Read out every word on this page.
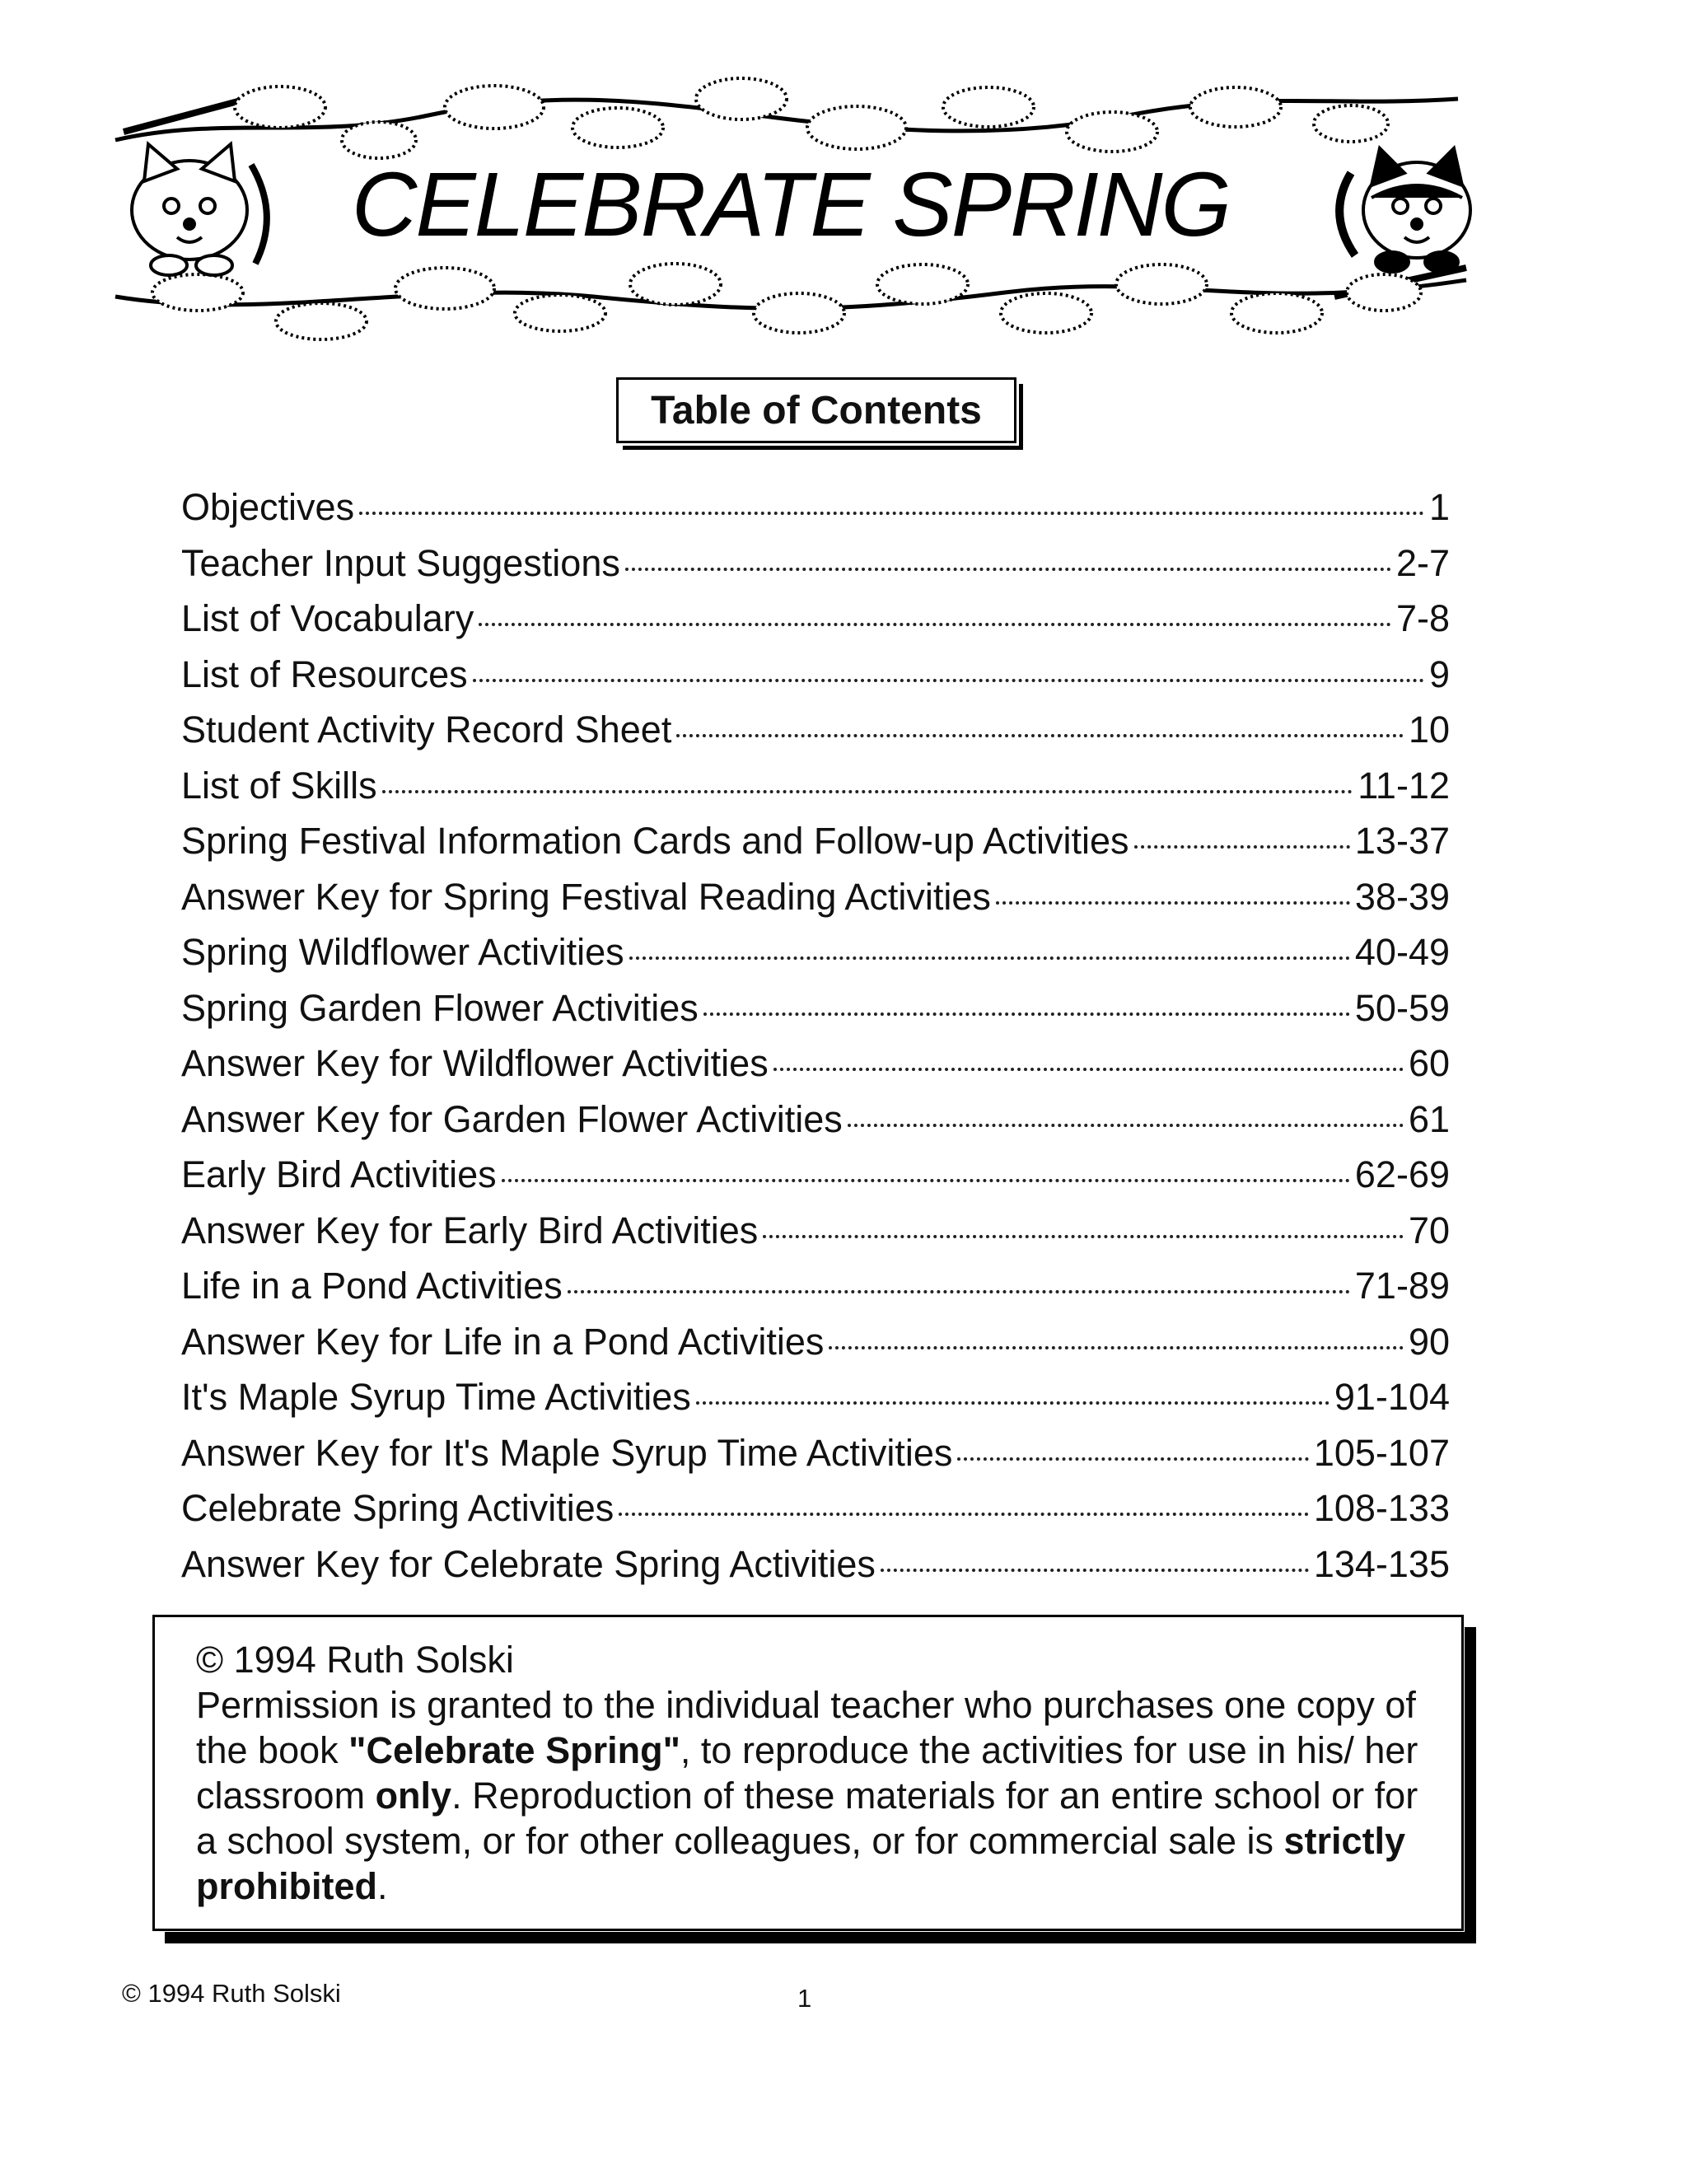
CELEBRATE SPRING
Table of Contents
Objectives	1
Teacher Input Suggestions	2-7
List of Vocabulary	7-8
List of Resources	9
Student Activity Record Sheet	10
List of Skills	11-12
Spring Festival Information Cards and Follow-up Activities	13-37
Answer Key for Spring Festival Reading Activities	38-39
Spring Wildflower Activities	40-49
Spring Garden Flower Activities	50-59
Answer Key for Wildflower Activities	60
Answer Key for Garden Flower Activities	61
Early Bird Activities	62-69
Answer Key for Early Bird Activities	70
Life in a Pond Activities	71-89
Answer Key for Life in a Pond Activities	90
It's Maple Syrup Time Activities	91-104
Answer Key for It's Maple Syrup Time Activities	105-107
Celebrate Spring Activities	108-133
Answer Key for Celebrate Spring Activities	134-135

© 1994 Ruth Solski

Permission is granted to the individual teacher who purchases one copy of the book "Celebrate Spring", to reproduce the activities for use in his/ her classroom only. Reproduction of these materials for an entire school or for a school system, or for other colleagues, or for commercial sale is strictly prohibited.

© 1994 Ruth Solski	1
